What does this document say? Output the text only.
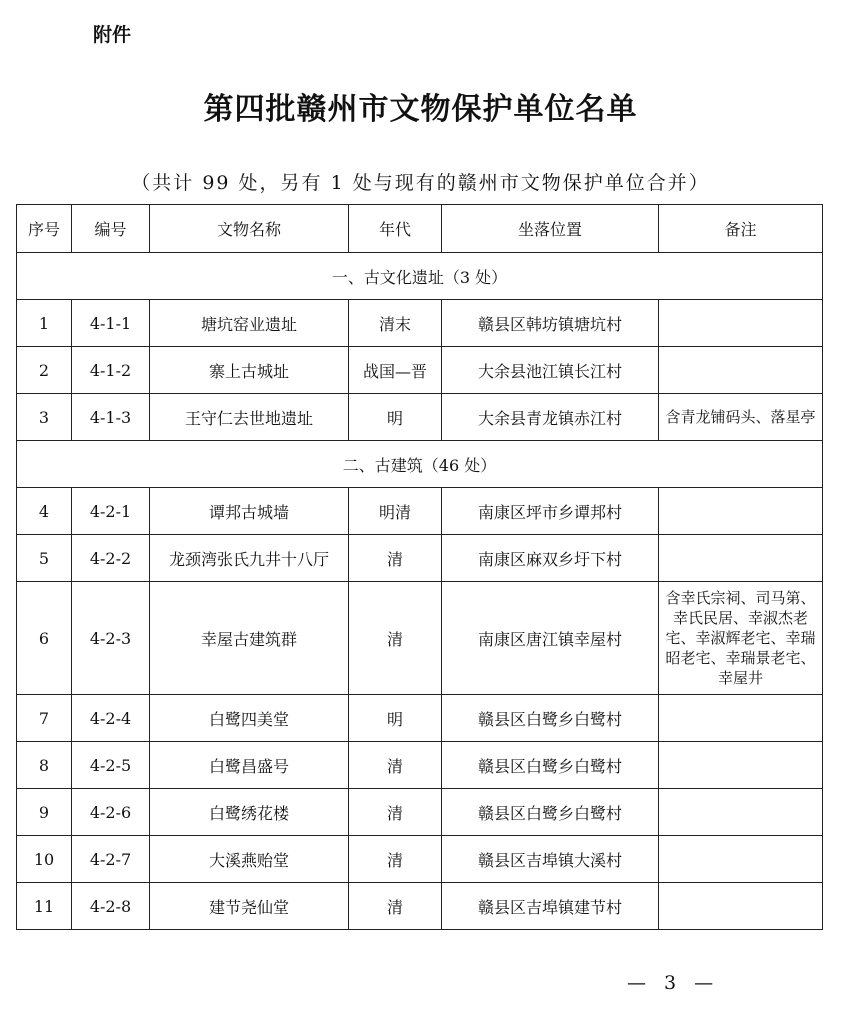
附件
第四批赣州市文物保护单位名单
（共计 99 处，另有 1 处与现有的赣州市文物保护单位合并）
序号	编号	文物名称	年代	坐落位置	备注
一、古文化遗址（3 处）					
1	4-1-1	塘坑窑业遗址	清末	赣县区韩坊镇塘坑村	
2	4-1-2	寨上古城址	战国—晋	大余县池江镇长江村	
3	4-1-3	王守仁去世地遗址	明	大余县青龙镇赤江村	含青龙铺码头、落星亭
二、古建筑（46 处）					
4	4-2-1	谭邦古城墙	明清	南康区坪市乡谭邦村	
5	4-2-2	龙颈湾张氏九井十八厅	清	南康区麻双乡圩下村	
6	4-2-3	幸屋古建筑群	清	南康区唐江镇幸屋村	含幸氏宗祠、司马第、幸氏民居、幸淑杰老宅、幸淑辉老宅、幸瑞昭老宅、幸瑞景老宅、幸屋井
7	4-2-4	白鹭四美堂	明	赣县区白鹭乡白鹭村	
8	4-2-5	白鹭昌盛号	清	赣县区白鹭乡白鹭村	
9	4-2-6	白鹭绣花楼	清	赣县区白鹭乡白鹭村	
10	4-2-7	大溪燕贻堂	清	赣县区吉埠镇大溪村	
11	4-2-8	建节尧仙堂	清	赣县区吉埠镇建节村	
— 3 —
